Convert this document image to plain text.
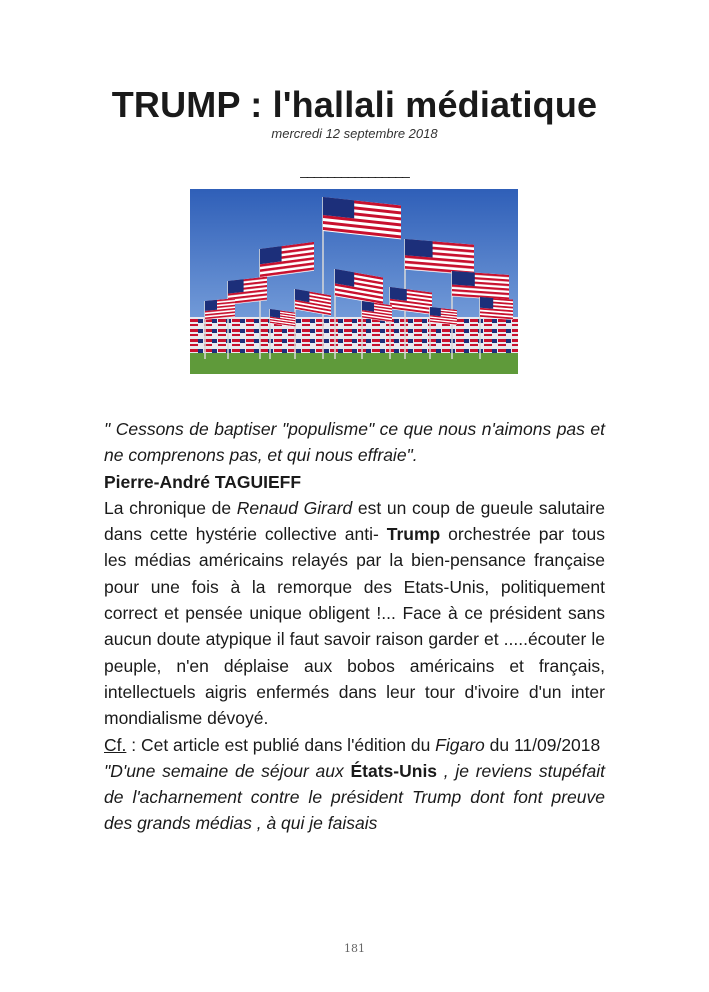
TRUMP : l'hallali médiatique
mercredi 12 septembre 2018
________________

" Cessons de baptiser "populisme" ce que nous n'aimons pas et ne comprenons pas, et qui nous effraie".

Pierre-André TAGUIEFF

La chronique de Renaud Girard est un coup de gueule salutaire dans cette hystérie collective anti- Trump orchestrée par tous les médias américains relayés par la bien-pensance française pour une fois à la remorque des Etats-Unis, politiquement correct et pensée unique obligent !... Face à ce président sans aucun doute atypique il faut savoir raison garder et .....écouter le peuple, n'en déplaise aux bobos américains et français, intellectuels aigris enfermés dans leur tour d'ivoire d'un inter mondialisme dévoyé.

Cf. : Cet article est publié dans l'édition du Figaro du 11/09/2018

"D'une semaine de séjour aux États-Unis , je reviens stupéfait de l'acharnement contre le président Trump dont font preuve des grands médias , à qui je faisais

181
